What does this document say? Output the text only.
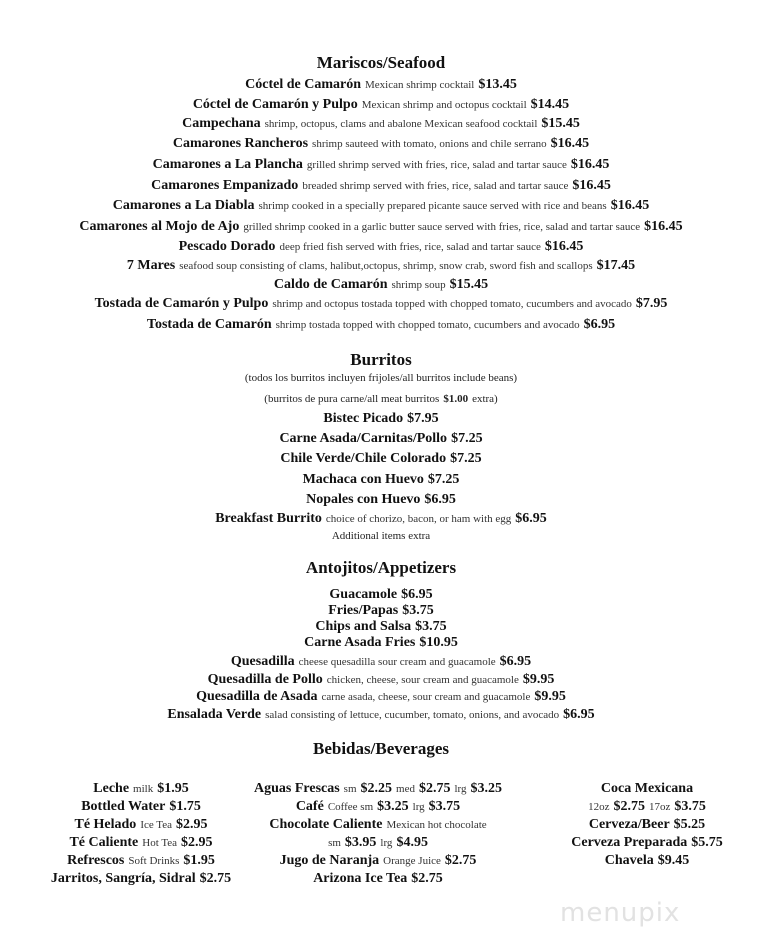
menupix
Mariscos/Seafood
Cóctel de Camarón Mexican shrimp cocktail $13.45
Cóctel de Camarón y Pulpo Mexican shrimp and octopus cocktail $14.45
Campechana shrimp, octopus, clams and abalone Mexican seafood cocktail $15.45
Camarones Rancheros shrimp sauteed with tomato, onions and chile serrano $16.45
Camarones a La Plancha grilled shrimp served with fries, rice, salad and tartar sauce $16.45
Camarones Empanizado breaded shrimp served with fries, rice, salad and tartar sauce $16.45
Camarones a La Diabla shrimp cooked in a specially prepared picante sauce served with rice and beans $16.45
Camarones al Mojo de Ajo grilled shrimp cooked in a garlic butter sauce served with fries, rice, salad and tartar sauce $16.45
Pescado Dorado deep fried fish served with fries, rice, salad and tartar sauce $16.45
7 Mares seafood soup consisting of clams, halibut,octopus, shrimp, snow crab, sword fish and scallops $17.45
Caldo de Camarón shrimp soup $15.45
Tostada de Camarón y Pulpo shrimp and octopus tostada topped with chopped tomato, cucumbers and avocado $7.95
Tostada de Camarón shrimp tostada topped with chopped tomato, cucumbers and avocado $6.95
Burritos
(todos los burritos incluyen frijoles/all burritos include beans)
(burritos de pura carne/all meat burritos $1.00 extra)
Bistec Picado $7.95
Carne Asada/Carnitas/Pollo $7.25
Chile Verde/Chile Colorado $7.25
Machaca con Huevo $7.25
Nopales con Huevo $6.95
Breakfast Burrito choice of chorizo, bacon, or ham with egg $6.95
Additional items extra
Antojitos/Appetizers
Guacamole $6.95
Fries/Papas $3.75
Chips and Salsa $3.75
Carne Asada Fries $10.95
Quesadilla cheese quesadilla sour cream and guacamole $6.95
Quesadilla de Pollo chicken, cheese, sour cream and guacamole $9.95
Quesadilla de Asada carne asada, cheese, sour cream and guacamole $9.95
Ensalada Verde salad consisting of lettuce, cucumber, tomato, onions, and avocado $6.95
Bebidas/Beverages
Leche milk $1.95
Bottled Water $1.75
Té Helado Ice Tea $2.95
Té Caliente Hot Tea $2.95
Refrescos Soft Drinks $1.95
Jarritos, Sangría, Sidral $2.75
Aguas Frescas sm $2.25 med $2.75 lrg $3.25
Café Coffee sm $3.25 lrg $3.75
Chocolate Caliente Mexican hot chocolate
sm $3.95 lrg $4.95
Jugo de Naranja Orange Juice $2.75
Arizona Ice Tea $2.75
Coca Mexicana
12oz $2.75 17oz $3.75
Cerveza/Beer $5.25
Cerveza Preparada $5.75
Chavela $9.45
